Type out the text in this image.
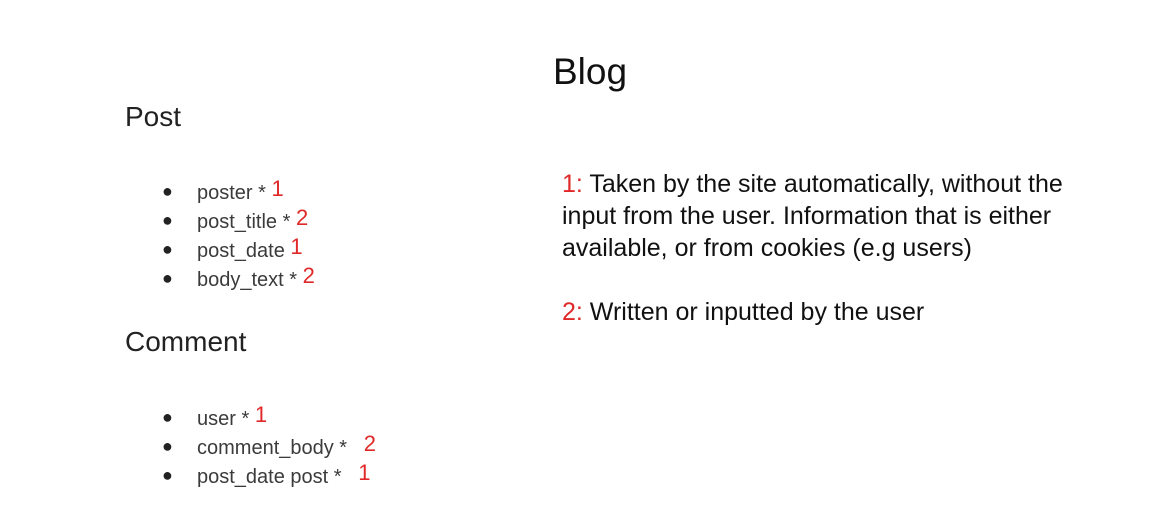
Blog
Post
● poster * 1
● post_title * 2
● post_date 1
● body_text * 2
Comment
● user * 1
● comment_body * 2
● post_date post * 1

1: Taken by the site automatically, without the input from the user. Information that is either available, or from cookies (e.g users)

2: Written or inputted by the user
